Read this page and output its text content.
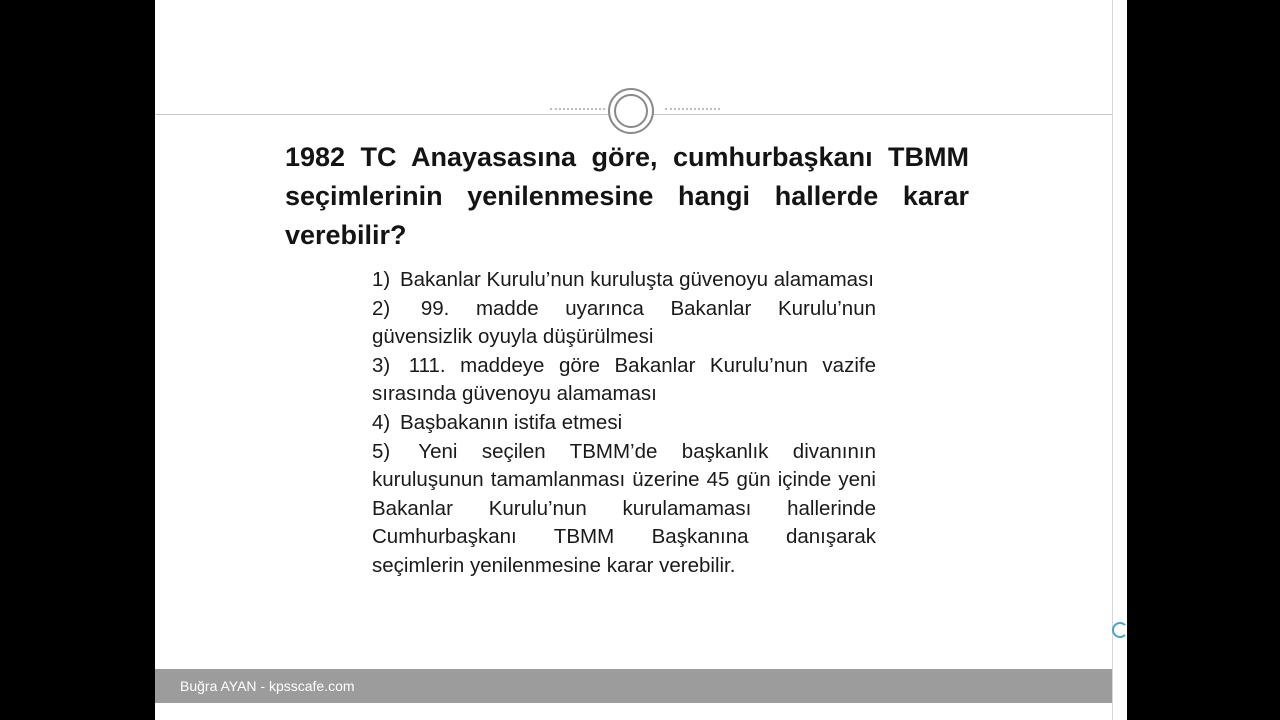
1982 TC Anayasasına göre, cumhurbaşkanı TBMM seçimlerinin yenilenmesine hangi hallerde karar verebilir?

1) Bakanlar Kurulu’nun kuruluşta güvenoyu alamaması
2) 99. madde uyarınca Bakanlar Kurulu’nun güvensizlik oyuyla düşürülmesi
3) 111. maddeye göre Bakanlar Kurulu’nun vazife sırasında güvenoyu alamaması
4) Başbakanın istifa etmesi
5) Yeni seçilen TBMM’de başkanlık divanının kuruluşunun tamamlanması üzerine 45 gün içinde yeni Bakanlar Kurulu’nun kurulamaması hallerinde Cumhurbaşkanı TBMM Başkanına danışarak seçimlerin yenilenmesine karar verebilir.
Buğra AYAN - kpsscafe.com
